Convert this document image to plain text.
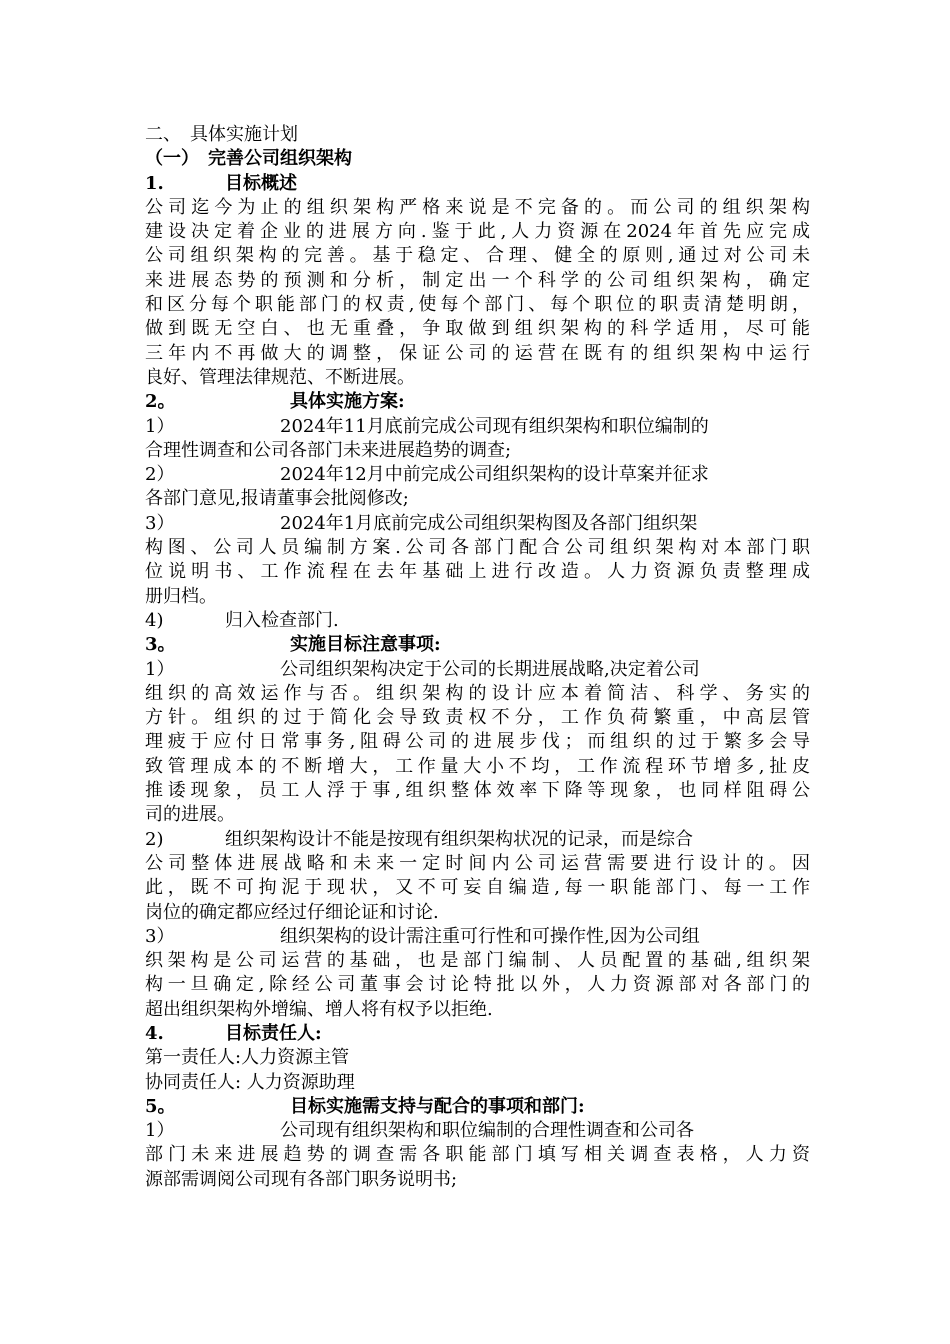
二、　具体实施计划
（一）　完善公司组织架构
1.	目标概述
公司迄今为止的组织架构严格来说是不完备的。而公司的组织架构
建设决定着企业的进展方向.鉴于此,人力资源在2024年首先应完成
公司组织架构的完善。基于稳定、合理、健全的原则,通过对公司未
来进展态势的预测和分析，制定出一个科学的公司组织架构，确定
和区分每个职能部门的权责,使每个部门、每个职位的职责清楚明朗，
做到既无空白、也无重叠，争取做到组织架构的科学适用，尽可能
三年内不再做大的调整，保证公司的运营在既有的组织架构中运行
良好、管理法律规范、不断进展。
2。	具体实施方案:
1）	2024年11月底前完成公司现有组织架构和职位编制的
合理性调查和公司各部门未来进展趋势的调查;
2）	2024年12月中前完成公司组织架构的设计草案并征求
各部门意见,报请董事会批阅修改;
3）	2024年1月底前完成公司组织架构图及各部门组织架
构图、公司人员编制方案.公司各部门配合公司组织架构对本部门职
位说明书、工作流程在去年基础上进行改造。人力资源负责整理成
册归档。
4)	归入检查部门.
3。	实施目标注意事项:
1）	公司组织架构决定于公司的长期进展战略,决定着公司
组织的高效运作与否。组织架构的设计应本着简洁、科学、务实的
方针。组织的过于简化会导致责权不分，工作负荷繁重，中高层管
理疲于应付日常事务,阻碍公司的进展步伐；而组织的过于繁多会导
致管理成本的不断增大，工作量大小不均，工作流程环节增多,扯皮
推诿现象，员工人浮于事,组织整体效率下降等现象，也同样阻碍公
司的进展。
2)	组织架构设计不能是按现有组织架构状况的记录，而是综合
公司整体进展战略和未来一定时间内公司运营需要进行设计的。因
此，既不可拘泥于现状，又不可妄自编造,每一职能部门、每一工作
岗位的确定都应经过仔细论证和讨论.
3）	组织架构的设计需注重可行性和可操作性,因为公司组
织架构是公司运营的基础，也是部门编制、人员配置的基础,组织架
构一旦确定,除经公司董事会讨论特批以外，人力资源部对各部门的
超出组织架构外增编、增人将有权予以拒绝.
4.	目标责任人:
第一责任人:人力资源主管
协同责任人: 人力资源助理
5。	目标实施需支持与配合的事项和部门:
1）	公司现有组织架构和职位编制的合理性调查和公司各
部门未来进展趋势的调查需各职能部门填写相关调查表格，人力资
源部需调阅公司现有各部门职务说明书;
